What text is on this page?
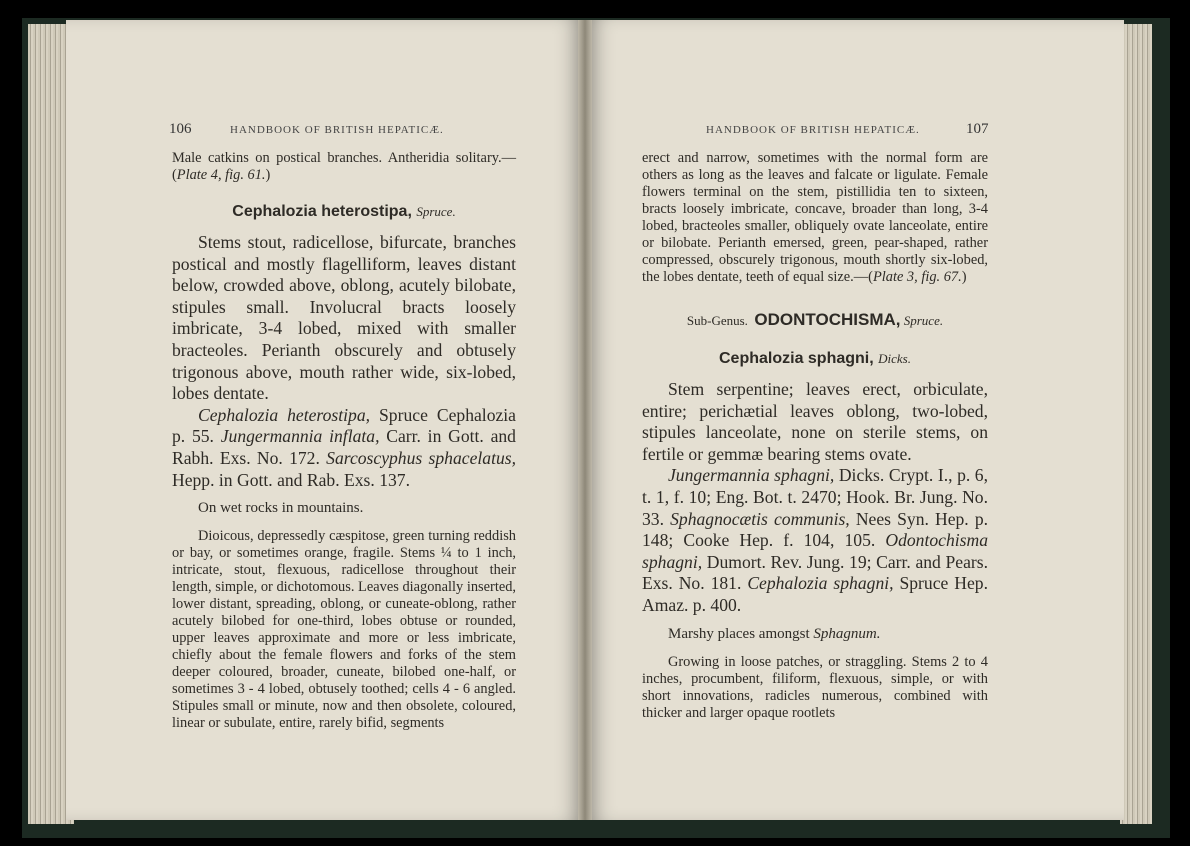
106	HANDBOOK OF BRITISH HEPATICÆ.

Male catkins on postical branches. Antheridia solitary.—(Plate 4, fig. 61.)

Cephalozia heterostipa, Spruce.

Stems stout, radicellose, bifurcate, branches postical and mostly flagelliform, leaves distant below, crowded above, oblong, acutely bilobate, stipules small. Involucral bracts loosely imbricate, 3-4 lobed, mixed with smaller bracteoles. Perianth obscurely and obtusely trigonous above, mouth rather wide, six-lobed, lobes dentate.

Cephalozia heterostipa, Spruce Cephalozia p. 55. Jungermannia inflata, Carr. in Gott. and Rabh. Exs. No. 172. Sarcoscyphus sphacelatus, Hepp. in Gott. and Rab. Exs. 137.

On wet rocks in mountains.

Dioicous, depressedly cæspitose, green turning reddish or bay, or sometimes orange, fragile. Stems ¼ to 1 inch, intricate, stout, flexuous, radicellose throughout their length, simple, or dichotomous. Leaves diagonally inserted, lower distant, spreading, oblong, or cuneate-oblong, rather acutely bilobed for one-third, lobes obtuse or rounded, upper leaves approximate and more or less imbricate, chiefly about the female flowers and forks of the stem deeper coloured, broader, cuneate, bilobed one-half, or sometimes 3 - 4 lobed, obtusely toothed; cells 4 - 6 angled. Stipules small or minute, now and then obsolete, coloured, linear or subulate, entire, rarely bifid, segments

HANDBOOK OF BRITISH HEPATICÆ.	107

erect and narrow, sometimes with the normal form are others as long as the leaves and falcate or ligulate. Female flowers terminal on the stem, pistillidia ten to sixteen, bracts loosely imbricate, concave, broader than long, 3-4 lobed, bracteoles smaller, obliquely ovate lanceolate, entire or bilobate. Perianth emersed, green, pear-shaped, rather compressed, obscurely trigonous, mouth shortly six-lobed, the lobes dentate, teeth of equal size.—(Plate 3, fig. 67.)

Sub-Genus. ODONTOCHISMA, Spruce.

Cephalozia sphagni, Dicks.

Stem serpentine; leaves erect, orbiculate, entire; perichætial leaves oblong, two-lobed, stipules lanceolate, none on sterile stems, on fertile or gemmæ bearing stems ovate.

Jungermannia sphagni, Dicks. Crypt. I., p. 6, t. 1, f. 10; Eng. Bot. t. 2470; Hook. Br. Jung. No. 33. Sphagnocætis communis, Nees Syn. Hep. p. 148; Cooke Hep. f. 104, 105. Odontochisma sphagni, Dumort. Rev. Jung. 19; Carr. and Pears. Exs. No. 181. Cephalozia sphagni, Spruce Hep. Amaz. p. 400.

Marshy places amongst Sphagnum.

Growing in loose patches, or straggling. Stems 2 to 4 inches, procumbent, filiform, flexuous, simple, or with short innovations, radicles numerous, combined with thicker and larger opaque rootlets
